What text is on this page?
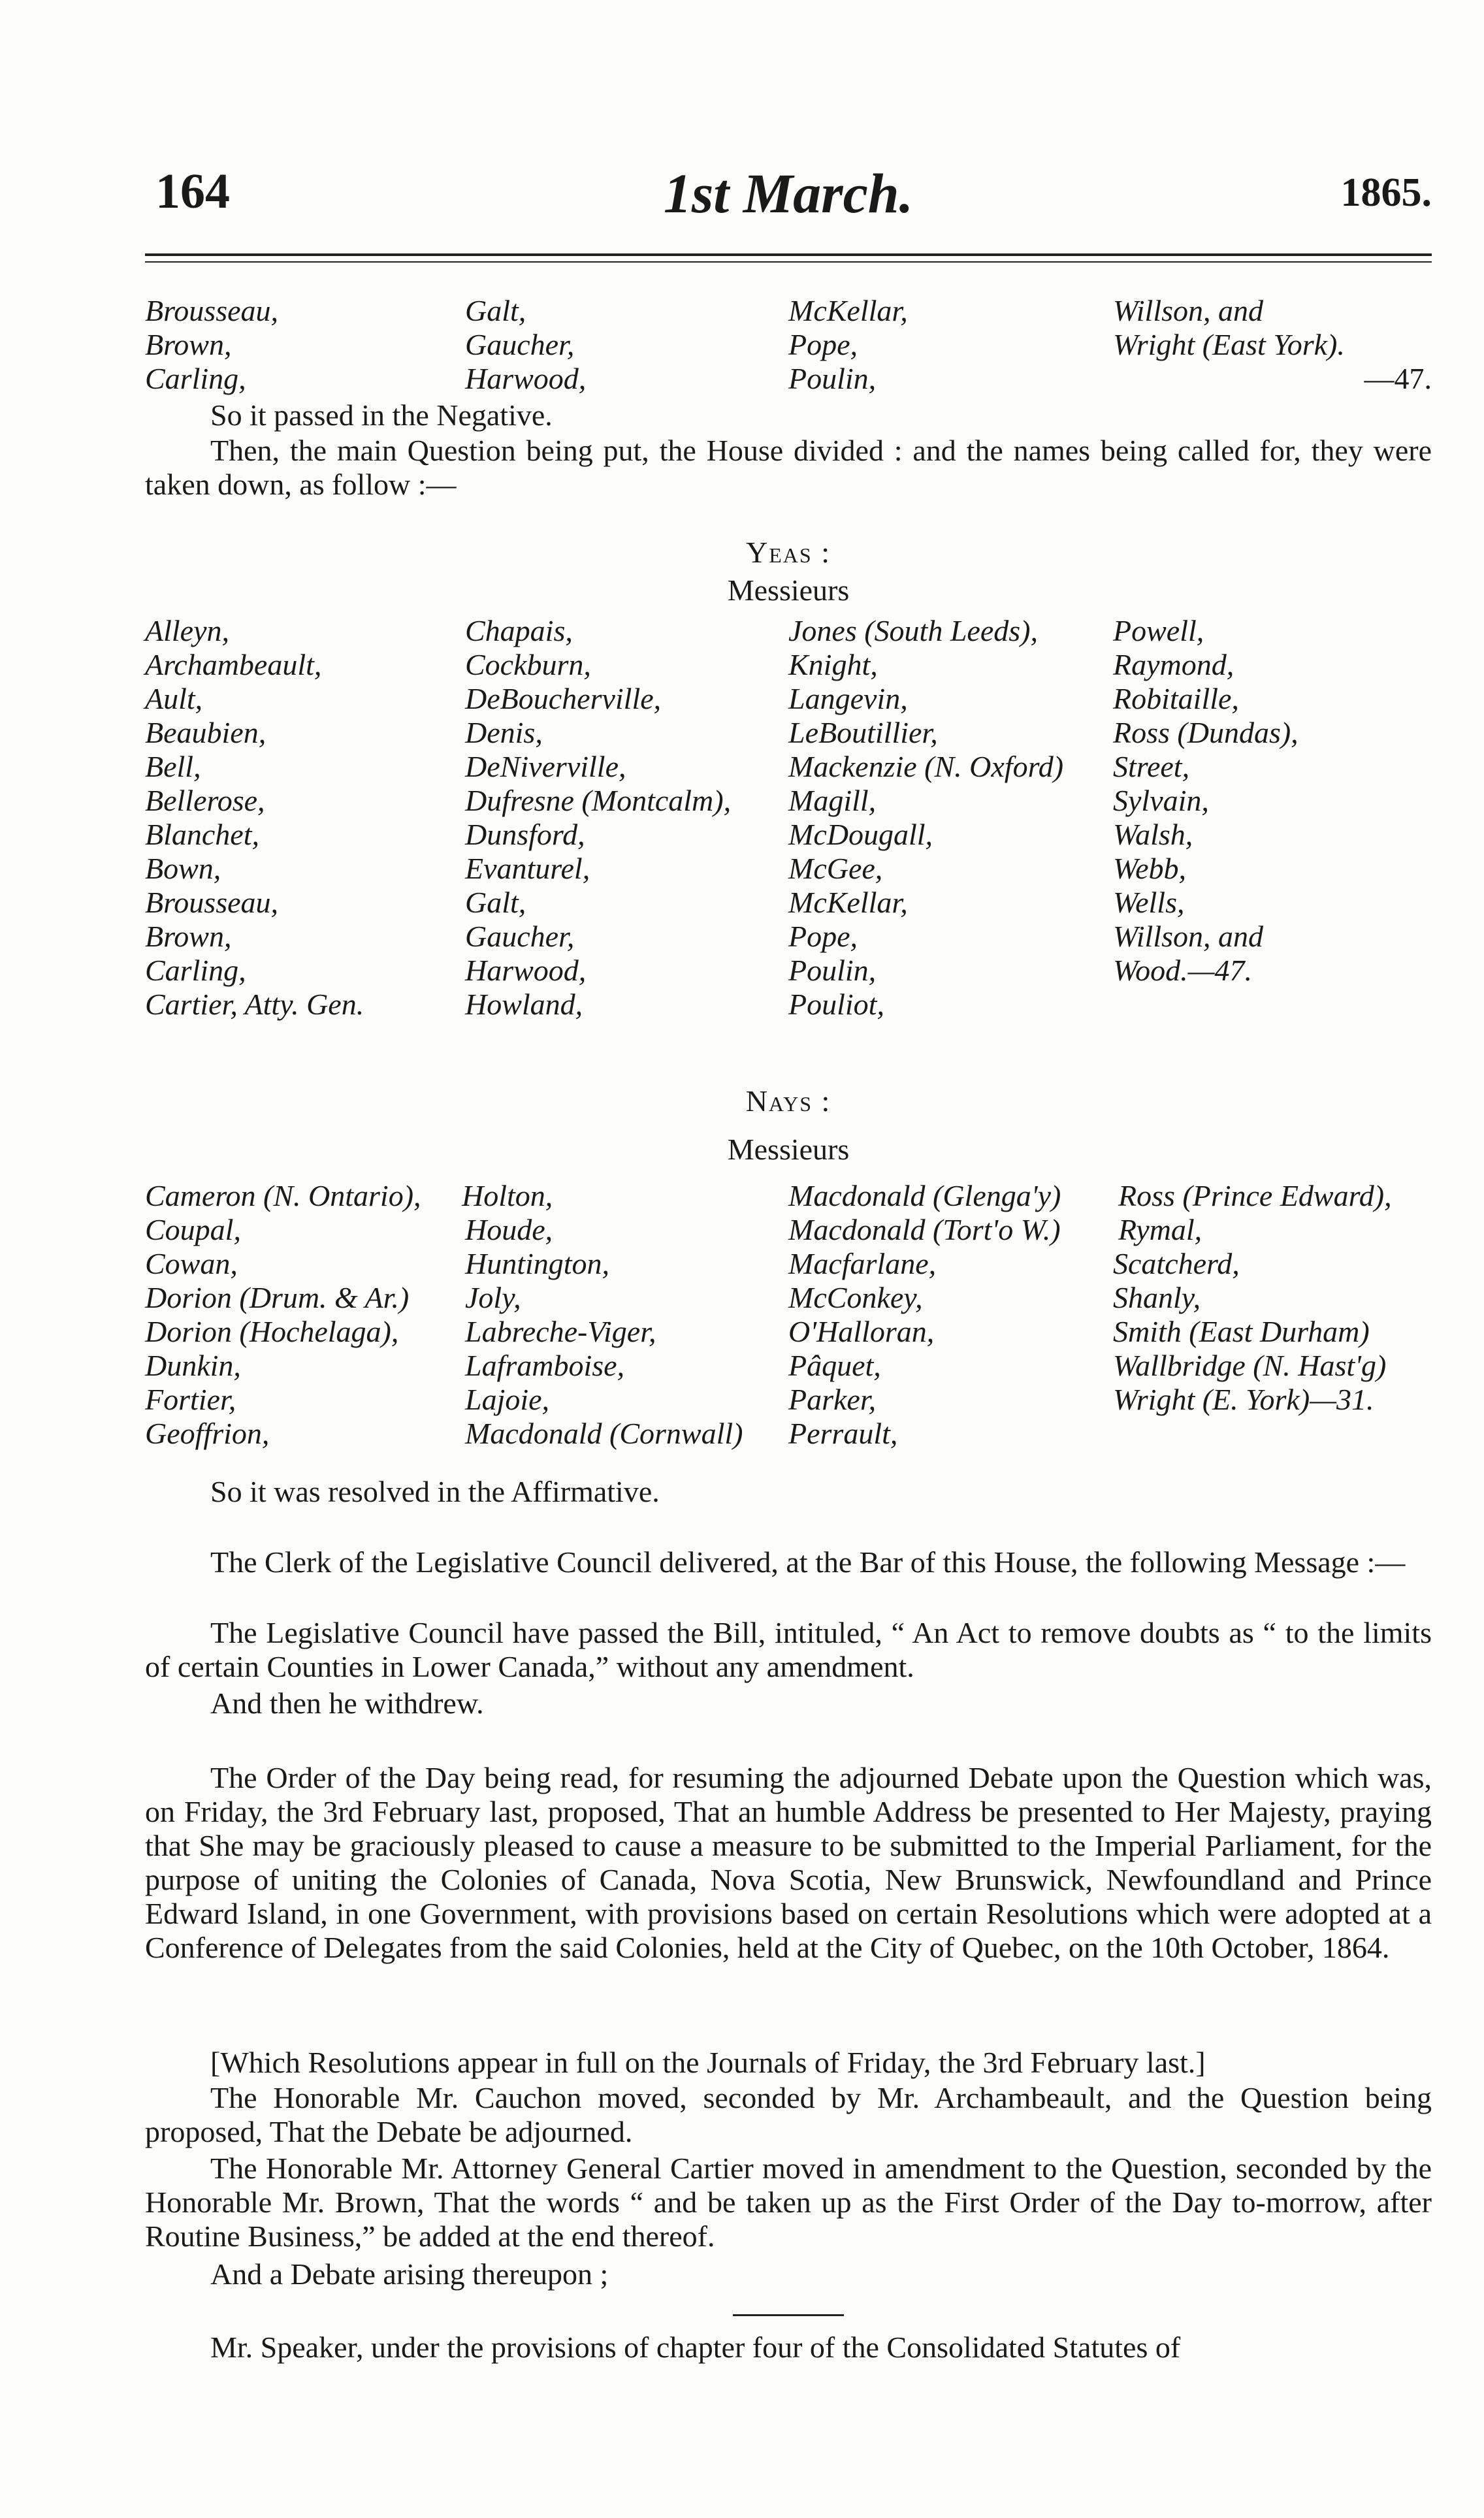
164	1st March.	1865.
Brousseau,	Galt,	McKellar,	Willson, and
Brown,	Gaucher,	Pope,	Wright (East York).
Carling,	Harwood,	Poulin,	—47.
So it passed in the Negative.
Then, the main Question being put, the House divided : and the names being called for, they were taken down, as follow :—
Yeas :
Messieurs
Alleyn,	Chapais,	Jones (South Leeds),	Powell,
Archambeault,	Cockburn,	Knight,	Raymond,
Ault,	DeBoucherville,	Langevin,	Robitaille,
Beaubien,	Denis,	LeBoutillier,	Ross (Dundas),
Bell,	DeNiverville,	Mackenzie (N. Oxford) Street,
Bellerose,	Dufresne (Montcalm), Magill,	Sylvain,
Blanchet,	Dunsford,	McDougall,	Walsh,
Bown,	Evanturel,	McGee,	Webb,
Brousseau,	Galt,	McKellar,	Wells,
Brown,	Gaucher,	Pope,	Willson, and
Carling,	Harwood,	Poulin,	Wood.—47.
Cartier, Atty. Gen.	Howland,	Pouliot,
Nays :
Messieurs
Cameron (N. Ontario), Holton,	Macdonald (Glenga'y) Ross (Prince Edward),
Coupal,	Houde,	Macdonald (Tort'o W.) Rymal,
Cowan,	Huntington,	Macfarlane,	Scatcherd,
Dorion (Drum. & Ar.) Joly,	McConkey,	Shanly,
Dorion (Hochelaga), Labreche-Viger,	O'Halloran,	Smith (East Durham)
Dunkin,	Laframboise,	Pâquet,	Wallbridge (N. Hast'g)
Fortier,	Lajoie,	Parker,	Wright (E. York)—31.
Geoffrion,	Macdonald (Cornwall) Perrault,
So it was resolved in the Affirmative.
The Clerk of the Legislative Council delivered, at the Bar of this House, the following Message :—
The Legislative Council have passed the Bill, intituled, “ An Act to remove doubts as “ to the limits of certain Counties in Lower Canada,” without any amendment.
And then he withdrew.
The Order of the Day being read, for resuming the adjourned Debate upon the Question which was, on Friday, the 3rd February last, proposed, That an humble Address be presented to Her Majesty, praying that She may be graciously pleased to cause a measure to be submitted to the Imperial Parliament, for the purpose of uniting the Colonies of Canada, Nova Scotia, New Brunswick, Newfoundland and Prince Edward Island, in one Government, with provisions based on certain Resolutions which were adopted at a Conference of Delegates from the said Colonies, held at the City of Quebec, on the 10th October, 1864.
[Which Resolutions appear in full on the Journals of Friday, the 3rd February last.]
The Honorable Mr. Cauchon moved, seconded by Mr. Archambeault, and the Question being proposed, That the Debate be adjourned.
The Honorable Mr. Attorney General Cartier moved in amendment to the Question, seconded by the Honorable Mr. Brown, That the words “ and be taken up as the First Order of the Day to-morrow, after Routine Business,” be added at the end thereof.
And a Debate arising thereupon ;
Mr. Speaker, under the provisions of chapter four of the Consolidated Statutes of
